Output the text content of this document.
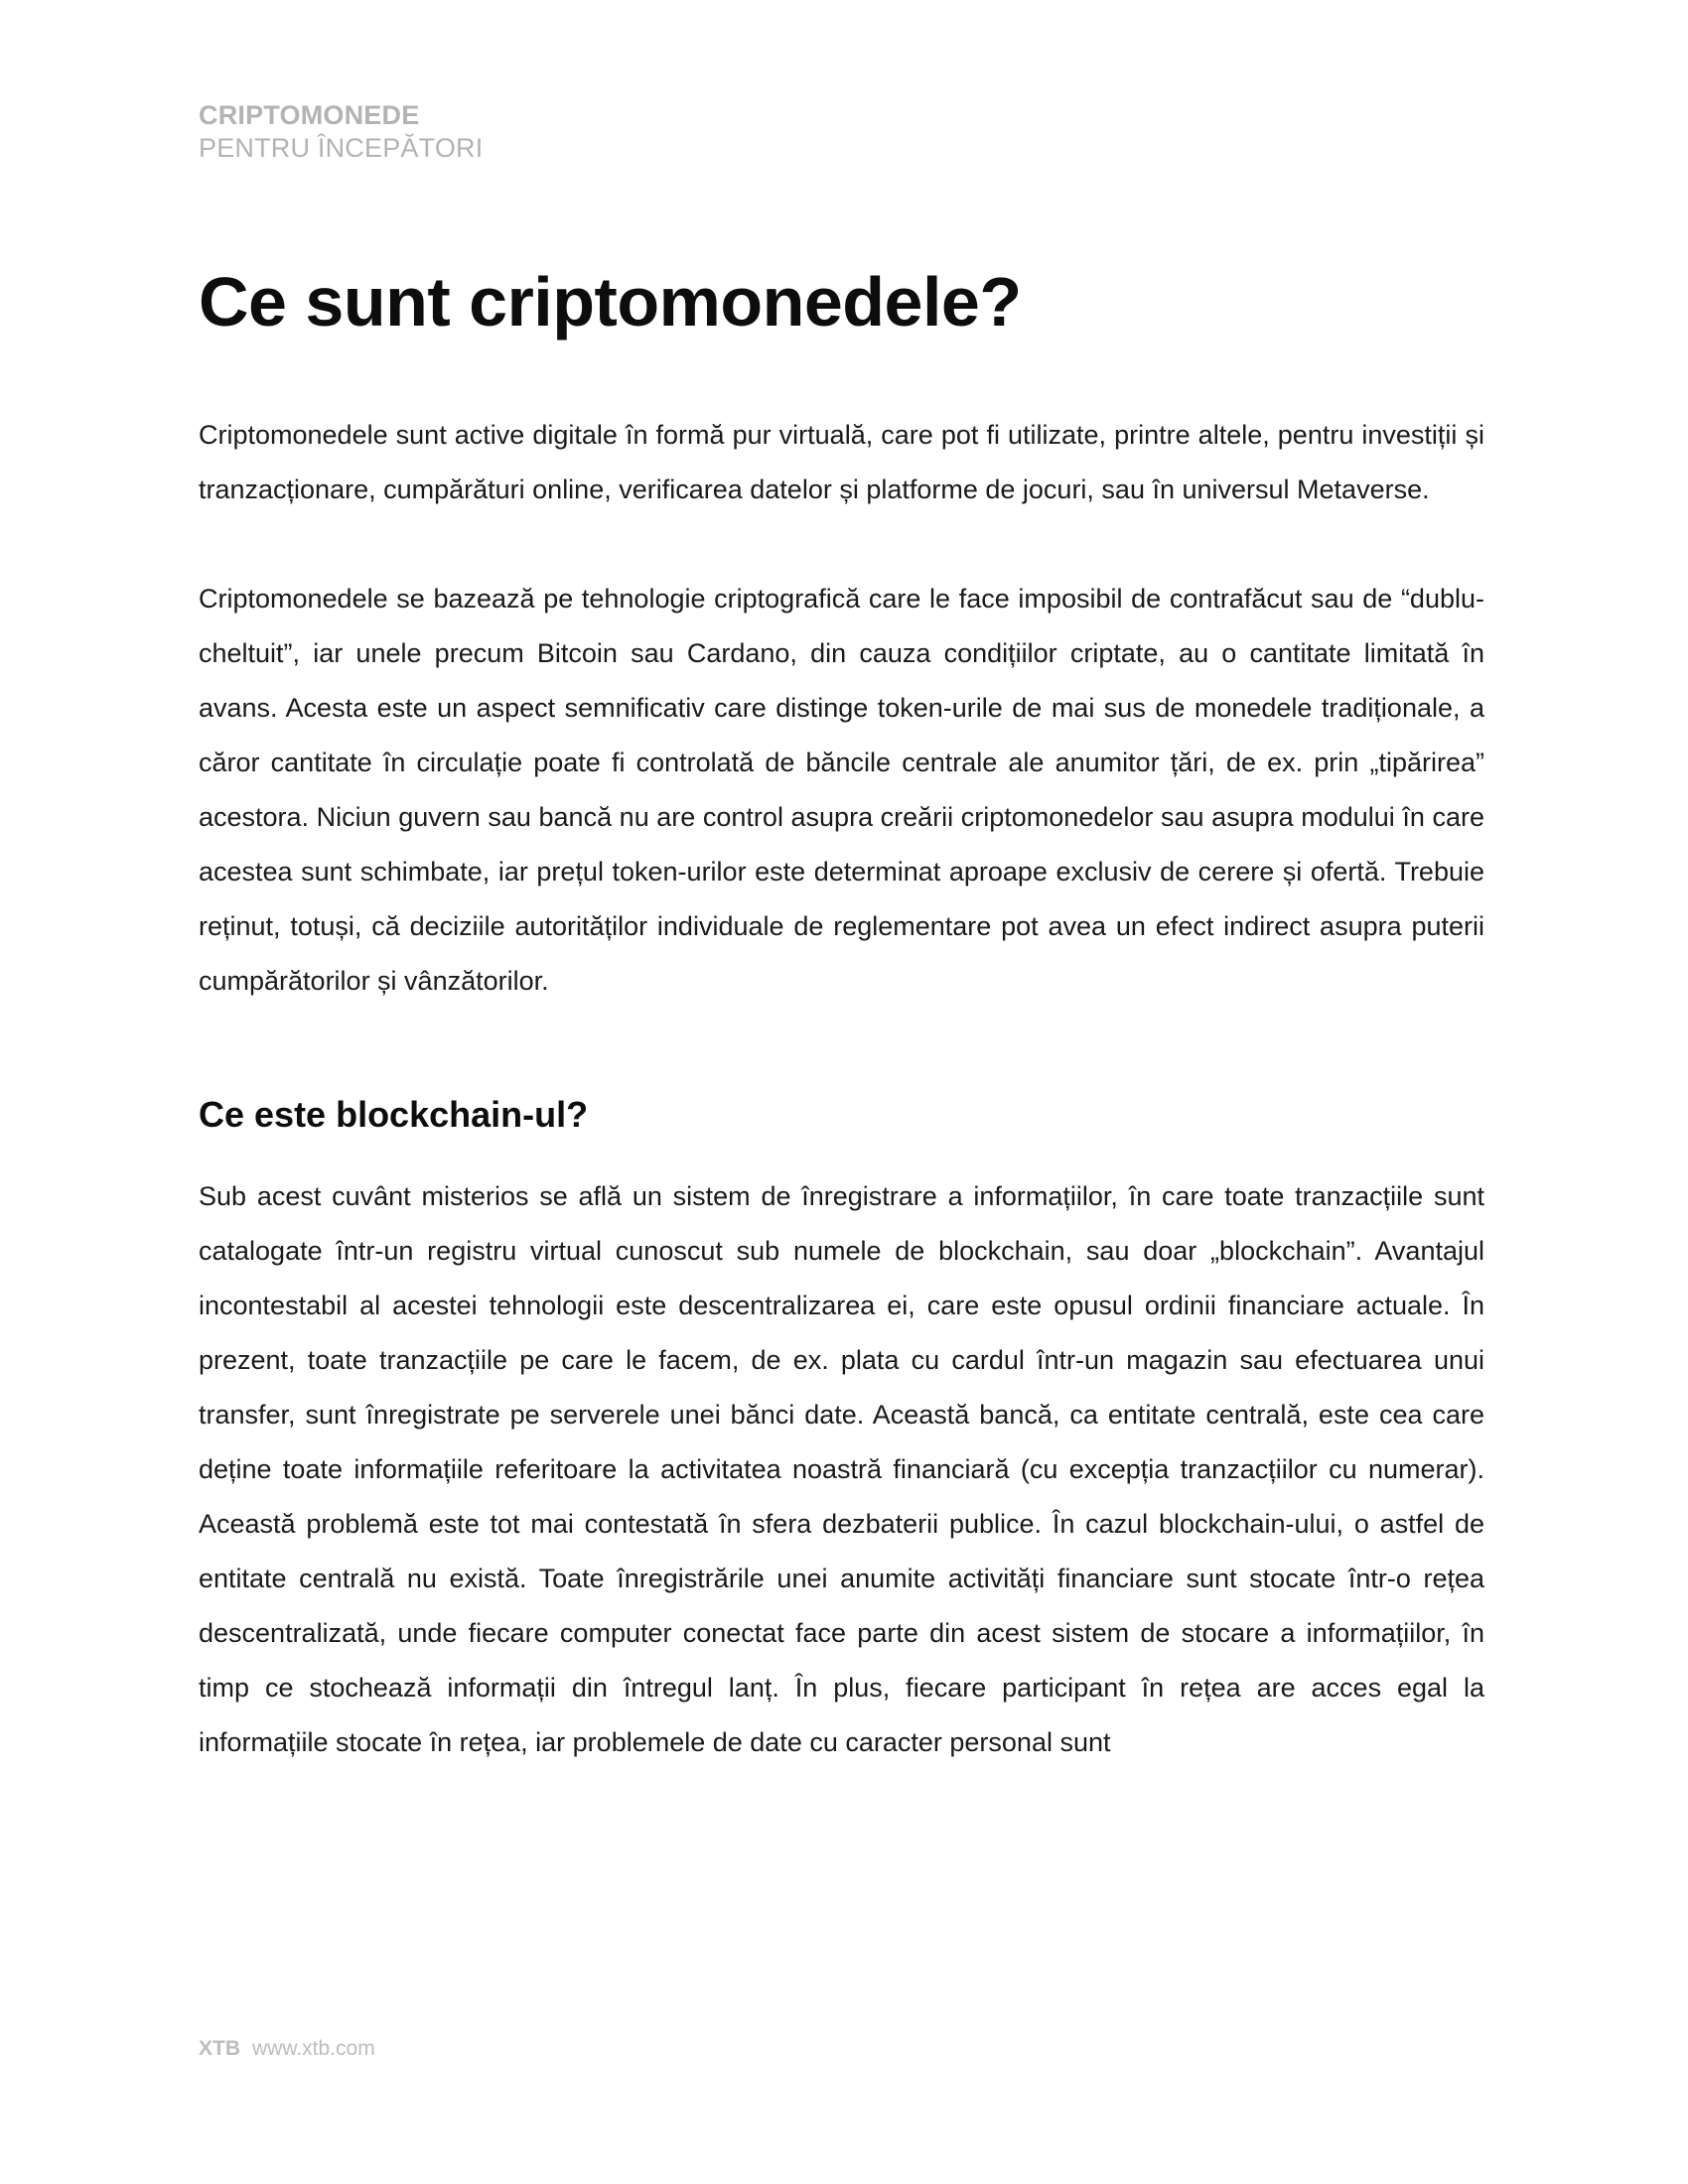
CRIPTOMONEDE
PENTRU ÎNCEPĂTORI
Ce sunt criptomonedele?

Criptomonedele sunt active digitale în formă pur virtuală, care pot fi utilizate, printre altele, pentru investiții și tranzacționare, cumpărături online, verificarea datelor și platforme de jocuri, sau în universul Metaverse.

Criptomonedele se bazează pe tehnologie criptografică care le face imposibil de contrafăcut sau de “dublu-cheltuit”, iar unele precum Bitcoin sau Cardano, din cauza condițiilor criptate, au o cantitate limitată în avans. Acesta este un aspect semnificativ care distinge token-urile de mai sus de monedele tradiționale, a căror cantitate în circulație poate fi controlată de băncile centrale ale anumitor țări, de ex. prin „tipărirea” acestora. Niciun guvern sau bancă nu are control asupra creării criptomonedelor sau asupra modului în care acestea sunt schimbate, iar prețul token-urilor este determinat aproape exclusiv de cerere și ofertă. Trebuie reținut, totuși, că deciziile autorităților individuale de reglementare pot avea un efect indirect asupra puterii cumpărătorilor și vânzătorilor.

Ce este blockchain-ul?

Sub acest cuvânt misterios se află un sistem de înregistrare a informațiilor, în care toate tranzacțiile sunt catalogate într-un registru virtual cunoscut sub numele de blockchain, sau doar „blockchain”. Avantajul incontestabil al acestei tehnologii este descentralizarea ei, care este opusul ordinii financiare actuale. În prezent, toate tranzacțiile pe care le facem, de ex. plata cu cardul într-un magazin sau efectuarea unui transfer, sunt înregistrate pe serverele unei bănci date. Această bancă, ca entitate centrală, este cea care deține toate informațiile referitoare la activitatea noastră financiară (cu excepția tranzacțiilor cu numerar). Această problemă este tot mai contestată în sfera dezbaterii publice. În cazul blockchain-ului, o astfel de entitate centrală nu există. Toate înregistrările unei anumite activități financiare sunt stocate într-o rețea descentralizată, unde fiecare computer conectat face parte din acest sistem de stocare a informațiilor, în timp ce stochează informații din întregul lanț. În plus, fiecare participant în rețea are acces egal la informațiile stocate în rețea, iar problemele de date cu caracter personal sunt

XTB www.xtb.com
